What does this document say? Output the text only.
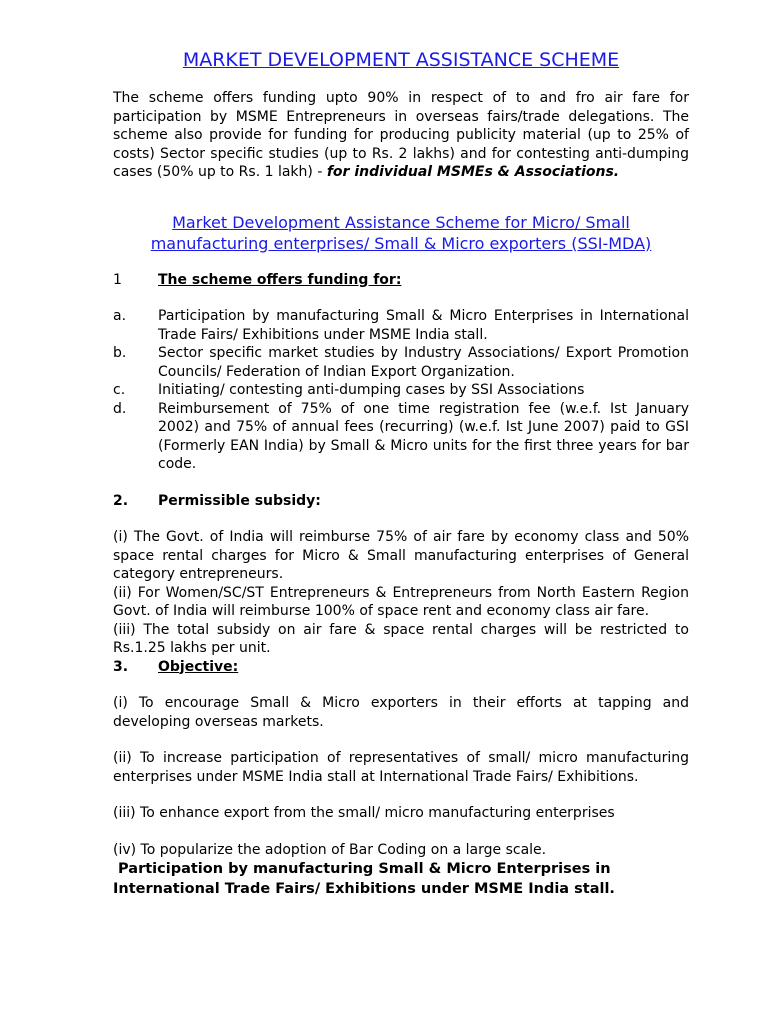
MARKET DEVELOPMENT ASSISTANCE SCHEME

The scheme offers funding upto 90% in respect of to and fro air fare for participation by MSME Entrepreneurs in overseas fairs/trade delegations. The scheme also provide for funding for producing publicity material (up to 25% of costs) Sector specific studies (up to Rs. 2 lakhs) and for contesting anti-dumping cases (50% up to Rs. 1 lakh) - for individual MSMEs & Associations.

Market Development Assistance Scheme for Micro/ Small
manufacturing enterprises/ Small & Micro exporters (SSI-MDA)
1	The scheme offers funding for:
a.	Participation by manufacturing Small & Micro Enterprises in International Trade Fairs/ Exhibitions under MSME India stall.
b.	Sector specific market studies by Industry Associations/ Export Promotion Councils/ Federation of Indian Export Organization.
c.	Initiating/ contesting anti-dumping cases by SSI Associations
d.	Reimbursement of 75% of one time registration fee (w.e.f. Ist January 2002) and 75% of annual fees (recurring) (w.e.f. Ist June 2007) paid to GSI (Formerly EAN India) by Small & Micro units for the first three years for bar code.
2.	Permissible subsidy:

(i) The Govt. of India will reimburse 75% of air fare by economy class and 50% space rental charges for Micro & Small manufacturing enterprises of General category entrepreneurs.

(ii) For Women/SC/ST Entrepreneurs & Entrepreneurs from North Eastern Region Govt. of India will reimburse 100% of space rent and economy class air fare.

(iii) The total subsidy on air fare & space rental charges will be restricted to Rs.1.25 lakhs per unit.

3.	Objective:

(i) To encourage Small & Micro exporters in their efforts at tapping and developing overseas markets.

(ii) To increase participation of representatives of small/ micro manufacturing enterprises under MSME India stall at International Trade Fairs/ Exhibitions.

(iii) To enhance export from the small/ micro manufacturing enterprises

(iv) To popularize the adoption of Bar Coding on a large scale.

Participation by manufacturing Small & Micro Enterprises in
International Trade Fairs/ Exhibitions under MSME India stall.
